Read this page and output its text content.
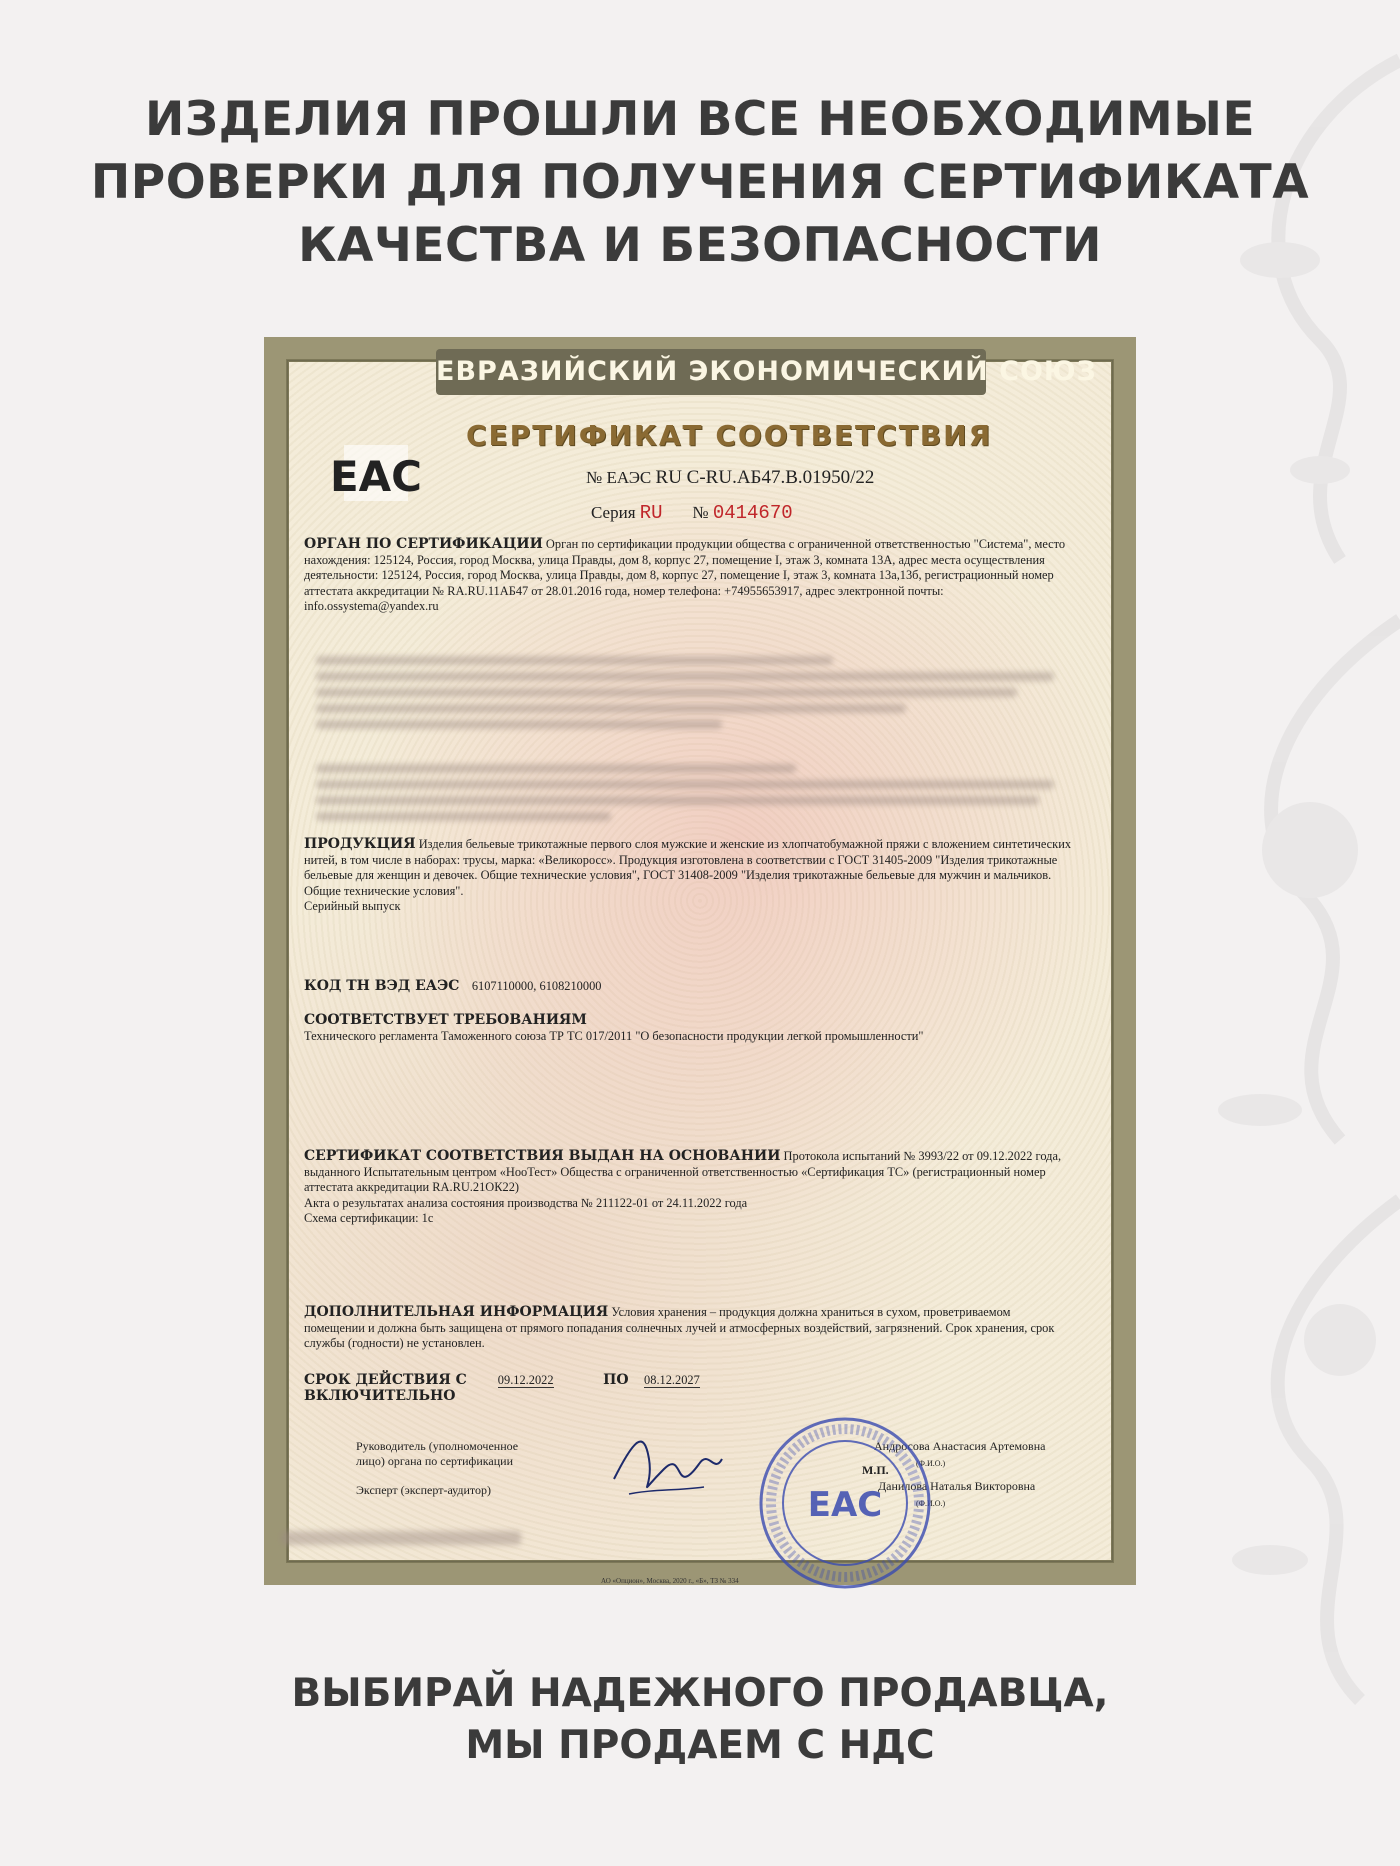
ИЗДЕЛИЯ ПРОШЛИ ВСЕ НЕОБХОДИМЫЕ
ПРОВЕРКИ ДЛЯ ПОЛУЧЕНИЯ СЕРТИФИКАТА
КАЧЕСТВА И БЕЗОПАСНОСТИ
ЕВРАЗИЙСКИЙ ЭКОНОМИЧЕСКИЙ СОЮЗ
СЕРТИФИКАТ СООТВЕТСТВИЯ
ЕАС	№ ЕАЭС RU C-RU.АБ47.В.01950/22
Серия RU № 0414670
ОРГАН ПО СЕРТИФИКАЦИИ Орган по сертификации продукции общества с ограниченной ответственностью "Система", место нахождения: 125124, Россия, город Москва, улица Правды, дом 8, корпус 27, помещение I, этаж 3, комната 13А, адрес места осуществления деятельности: 125124, Россия, город Москва, улица Правды, дом 8, корпус 27, помещение I, этаж 3, комната 13а,13б, регистрационный номер аттестата аккредитации № RA.RU.11АБ47 от 28.01.2016 года, номер телефона: +74955653917, адрес электронной почты: info.ossystema@yandex.ru
ПРОДУКЦИЯ Изделия бельевые трикотажные первого слоя мужские и женские из хлопчатобумажной пряжи с вложением синтетических нитей, в том числе в наборах: трусы, марка: «Великоросс». Продукция изготовлена в соответствии с ГОСТ 31405-2009 "Изделия трикотажные бельевые для женщин и девочек. Общие технические условия", ГОСТ 31408-2009 "Изделия трикотажные бельевые для мужчин и мальчиков. Общие технические условия".
Серийный выпуск
КОД ТН ВЭД ЕАЭС 6107110000, 6108210000
СООТВЕТСТВУЕТ ТРЕБОВАНИЯМ
Технического регламента Таможенного союза ТР ТС 017/2011 "О безопасности продукции легкой промышленности"
СЕРТИФИКАТ СООТВЕТСТВИЯ ВЫДАН НА ОСНОВАНИИ Протокола испытаний № 3993/22 от 09.12.2022 года, выданного Испытательным центром «НооТест» Общества с ограниченной ответственностью «Сертификация ТС» (регистрационный номер аттестата аккредитации RA.RU.21ОК22)
Акта о результатах анализа состояния производства № 211122-01 от 24.11.2022 года
Схема сертификации: 1с
ДОПОЛНИТЕЛЬНАЯ ИНФОРМАЦИЯ Условия хранения – продукция должна храниться в сухом, проветриваемом помещении и должна быть защищена от прямого попадания солнечных лучей и атмосферных воздействий, загрязнений. Срок хранения, срок службы (годности) не установлен.
СРОК ДЕЙСТВИЯ С 09.12.2022	ПО 08.12.2027
ВКЛЮЧИТЕЛЬНО
Руководитель (уполномоченное
лицо) органа по сертификации
Андросова Анастасия Артемовна
(Ф.И.О.)
М.П.
Эксперт (эксперт-аудитор)	Данилова Наталья Викторовна
(Ф.И.О.)
ЕАС
АО «Опцион», Москва, 2020 г., «Б», ТЗ № 334
ВЫБИРАЙ НАДЕЖНОГО ПРОДАВЦА,
МЫ ПРОДАЕМ С НДС
